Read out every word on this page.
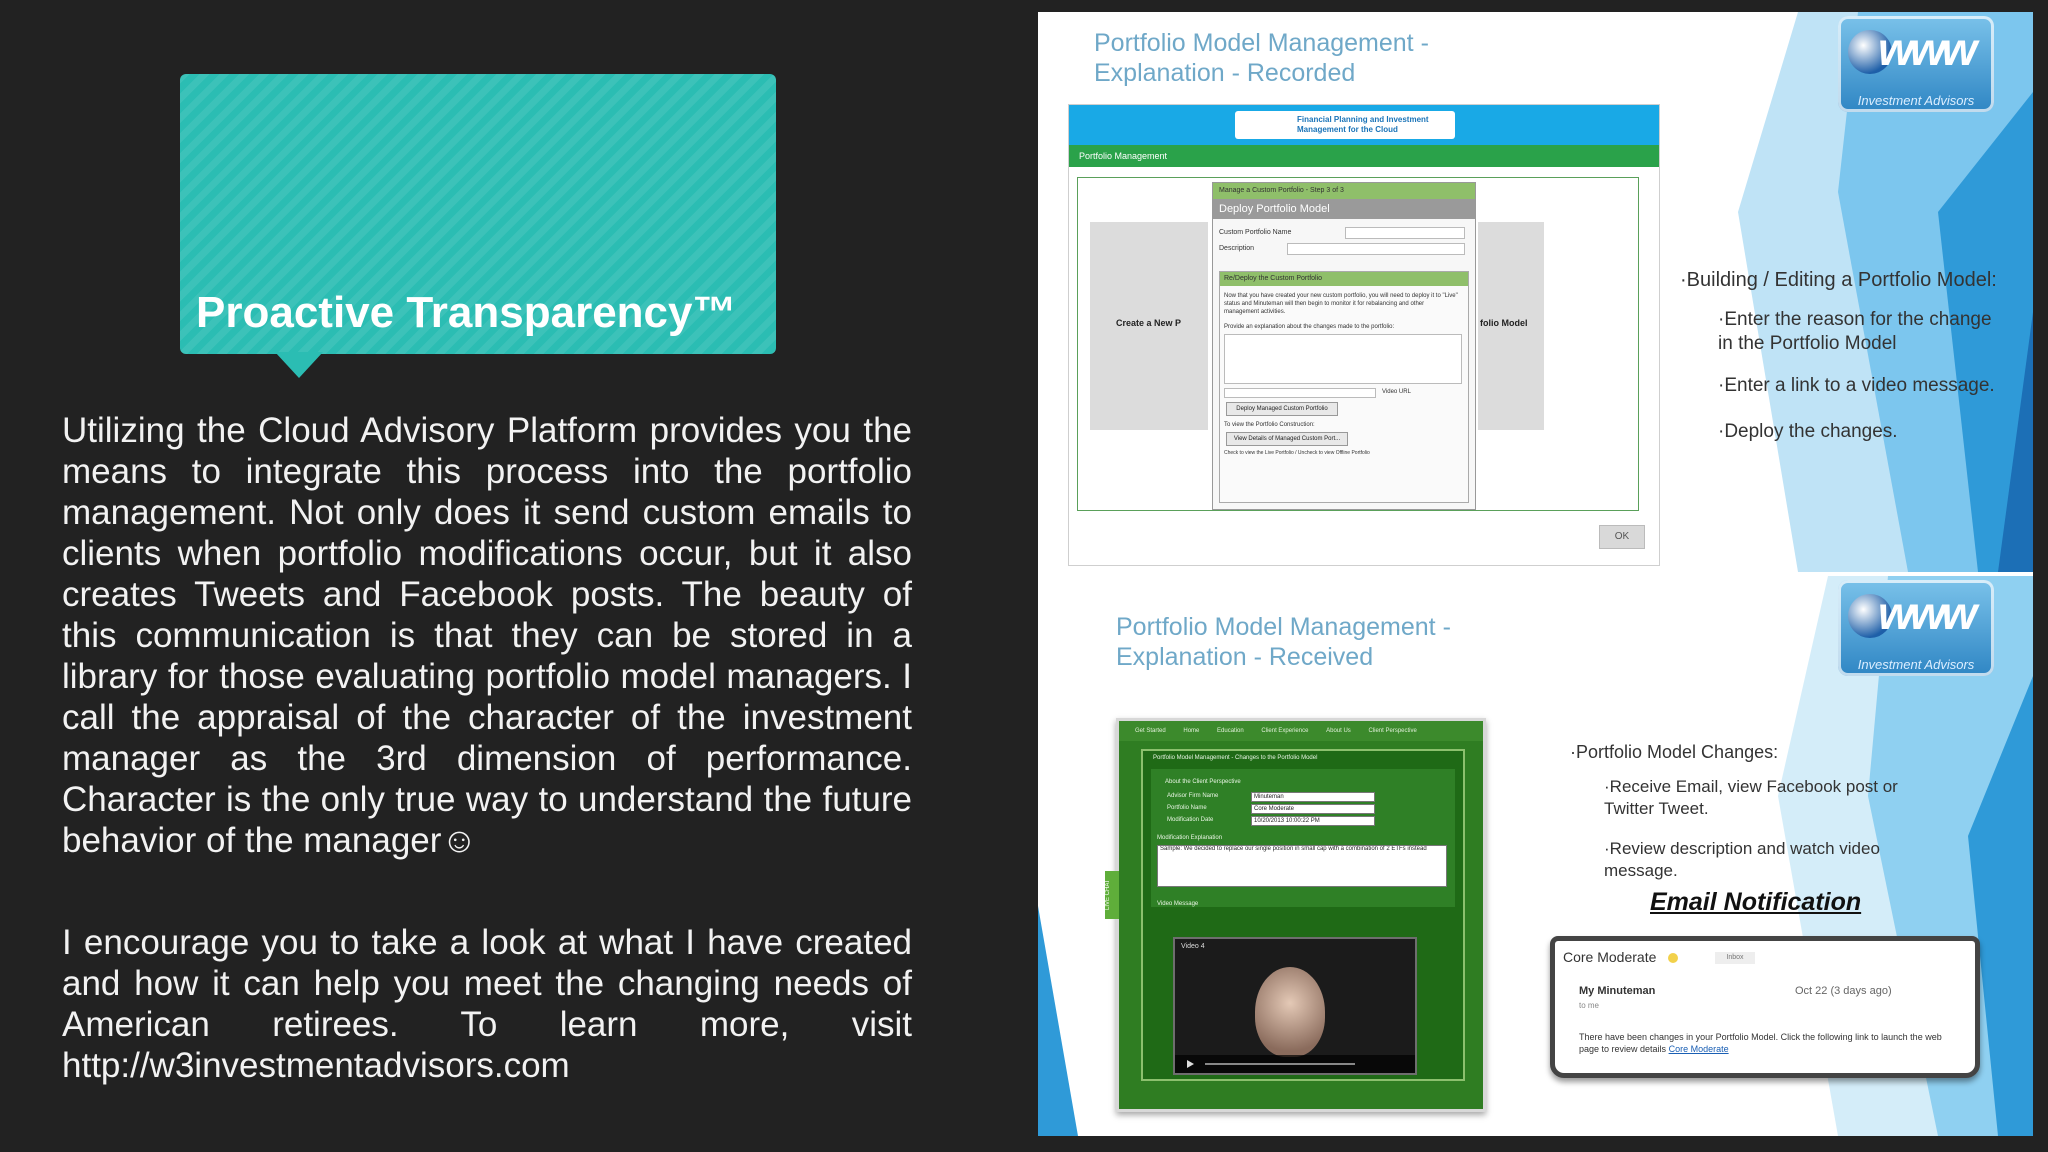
Proactive Transparency™

Utilizing the Cloud Advisory Platform provides you the means to integrate this process into the portfolio management. Not only does it send custom emails to clients when portfolio modifications occur, but it also creates Tweets and Facebook posts. The beauty of this communication is that they can be stored in a library for those evaluating portfolio model managers. I call the appraisal of the character of the investment manager as the 3rd dimension of performance. Character is the only true way to understand the future behavior of the manager☺

I encourage you to take a look at what I have created and how it can help you meet the changing needs of American retirees. To learn more, visit http://w3investmentadvisors.com

Portfolio Model Management -
Explanation - Recorded	www
Investment Advisors
Financial Planning and Investment Management for the Cloud
Portfolio Management
Create a New P	folio Model
Manage a Custom Portfolio - Step 3 of 3
Deploy Portfolio Model
Custom Portfolio Name
Description
Re/Deploy the Custom Portfolio
Now that you have created your new custom portfolio, you will need to deploy it to "Live" status and Minuteman will then begin to monitor it for rebalancing and other management activities.
Provide an explanation about the changes made to the portfolio:
Video URL
Deploy Managed Custom Portfolio
To view the Portfolio Construction:
View Details of Managed Custom Port...
Check to view the Live Portfolio / Uncheck to view Offline Portfolio
OK
·Building / Editing a Portfolio Model:
·Enter the reason for the change
in the Portfolio Model
·Enter a link to a video message.
·Deploy the changes.
Portfolio Model Management -
Explanation - Received
www
Investment Advisors
Get Started	Home	Education	Client Experience	About Us	Client Perspective
LIVE CHAT
Portfolio Model Management - Changes to the Portfolio Model
About the Client Perspective
Advisor Firm Name	Minuteman
Portfolio Name	Core Moderate
Modification Date	10/20/2013 10:00:22 PM
Modification Explanation
Sample: We decided to replace our single position in small cap with a combination of 2 ETFs instead
Video Message
Video 4
·Portfolio Model Changes:
·Receive Email, view Facebook post or
Twitter Tweet.
·Review description and watch video
message.
Email Notification
Core Moderate	Inbox
My Minuteman	Oct 22 (3 days ago)
to me
There have been changes in your Portfolio Model. Click the following link to launch the web page to review details Core Moderate
